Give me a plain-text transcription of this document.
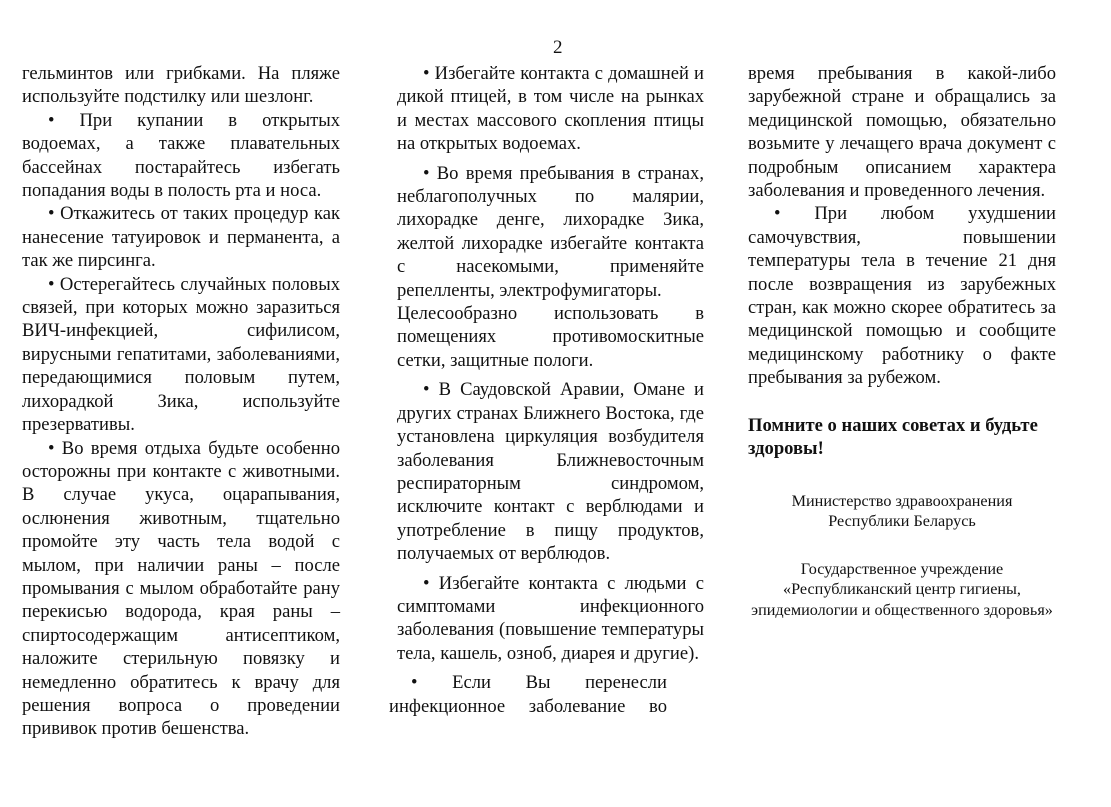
2

гельминтов или грибками. На пляже используйте подстилку или шезлонг.

• При купании в открытых водоемах, а также плавательных бассейнах постарайтесь избегать попадания воды в полость рта и носа.

• Откажитесь от таких процедур как нанесение татуировок и перманента, а так же пирсинга.

• Остерегайтесь случайных половых связей, при которых можно заразиться ВИЧ-инфекцией, сифилисом, вирусными гепатитами, заболеваниями, передающимися половым путем, лихорадкой Зика, используйте презервативы.

• Во время отдыха будьте особенно осторожны при контакте с животными. В случае укуса, оцарапывания, ослюнения животным, тщательно промойте эту часть тела водой с мылом, при наличии раны – после промывания с мылом обработайте рану перекисью водорода, края раны – спиртосодержащим антисептиком, наложите стерильную повязку и немедленно обратитесь к врачу для решения вопроса о проведении прививок против бешенства.

• Избегайте контакта с домашней и дикой птицей, в том числе на рынках и местах массового скопления птицы на открытых водоемах.

• Во время пребывания в странах, неблагополучных по малярии, лихорадке денге, лихорадке Зика, желтой лихорадке избегайте контакта с насекомыми, применяйте репелленты, электрофумигаторы.

Целесообразно использовать в помещениях противомоскитные сетки, защитные пологи.

• В Саудовской Аравии, Омане и других странах Ближнего Востока, где установлена циркуляция возбудителя заболевания Ближневосточным респираторным синдромом, исключите контакт с верблюдами и употребление в пищу продуктов, получаемых от верблюдов.

• Избегайте контакта с людьми с симптомами инфекционного заболевания (повышение температуры тела, кашель, озноб, диарея и другие).

• Если Вы перенесли инфекционное заболевание во

время пребывания в какой-либо зарубежной стране и обращались за медицинской помощью, обязательно возьмите у лечащего врача документ с подробным описанием характера заболевания и проведенного лечения.

• При любом ухудшении самочувствия, повышении температуры тела в течение 21 дня после возвращения из зарубежных стран, как можно скорее обратитесь за медицинской помощью и сообщите медицинскому работнику о факте пребывания за рубежом.

Помните о наших советах и будьте здоровы!

Министерство здравоохранения
Республики Беларусь
Государственное учреждение
«Республиканский центр гигиены,
эпидемиологии и общественного здоровья»
